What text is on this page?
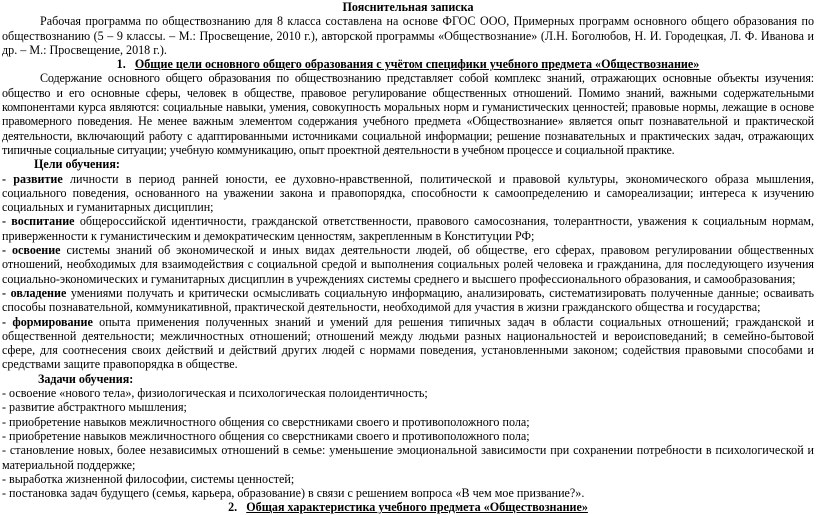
Пояснительная записка

Рабочая программа по обществознанию для 8 класса составлена на основе ФГОС ООО, Примерных программ основного общего образования по обществознанию (5 – 9 классы. – М.: Просвещение, 2010 г.), авторской программы «Обществознание» (Л.Н. Боголюбов, Н. И. Городецкая, Л. Ф. Иванова и др. – М.: Просвещение, 2018 г.).

1. Общие цели основного общего образования с учётом специфики учебного предмета «Обществознание»

Содержание основного общего образования по обществознанию представляет собой комплекс знаний, отражающих основные объекты изучения: общество и его основные сферы, человек в обществе, правовое регулирование общественных отношений. Помимо знаний, важными содержательными компонентами курса являются: социальные навыки, умения, совокупность моральных норм и гуманистических ценностей; правовые нормы, лежащие в основе правомерного поведения. Не менее важным элементом содержания учебного предмета «Обществознание» является опыт познавательной и практической деятельности, включающий работу с адаптированными источниками социальной информации; решение познавательных и практических задач, отражающих типичные социальные ситуации; учебную коммуникацию, опыт проектной деятельности в учебном процессе и социальной практике.

Цели обучения:

- развитие личности в период ранней юности, ее духовно-нравственной, политической и правовой культуры, экономического образа мышления, социального поведения, основанного на уважении закона и правопорядка, способности к самоопределению и самореализации; интереса к изучению социальных и гуманитарных дисциплин;

- воспитание общероссийской идентичности, гражданской ответственности, правового самосознания, толерантности, уважения к социальным нормам, приверженности к гуманистическим и демократическим ценностям, закрепленным в Конституции РФ;

- освоение системы знаний об экономической и иных видах деятельности людей, об обществе, его сферах, правовом регулировании общественных отношений, необходимых для взаимодействия с социальной средой и выполнения социальных ролей человека и гражданина, для последующего изучения социально-экономических и гуманитарных дисциплин в учреждениях системы среднего и высшего профессионального образования, и самообразования;

- овладение умениями получать и критически осмысливать социальную информацию, анализировать, систематизировать полученные данные; осваивать способы познавательной, коммуникативной, практической деятельности, необходимой для участия в жизни гражданского общества и государства;

- формирование опыта применения полученных знаний и умений для решения типичных задач в области социальных отношений; гражданской и общественной деятельности; межличностных отношений; отношений между людьми разных национальностей и вероисповеданий; в семейно-бытовой сфере, для соотнесения своих действий и действий других людей с нормами поведения, установленными законом; содействия правовыми способами и средствами защите правопорядка в обществе.

Задачи обучения:

- освоение «нового тела», физиологическая и психологическая полоидентичность;

- развитие абстрактного мышления;

- приобретение навыков межличностного общения со сверстниками своего и противоположного пола;

- приобретение навыков межличностного общения со сверстниками своего и противоположного пола;

- становление новых, более независимых отношений в семье: уменьшение эмоциональной зависимости при сохранении потребности в психологической и материальной поддержке;

- выработка жизненной философии, системы ценностей;

- постановка задач будущего (семья, карьера, образование) в связи с решением вопроса «В чем мое призвание?».

2. Общая характеристика учебного предмета «Обществознание»
